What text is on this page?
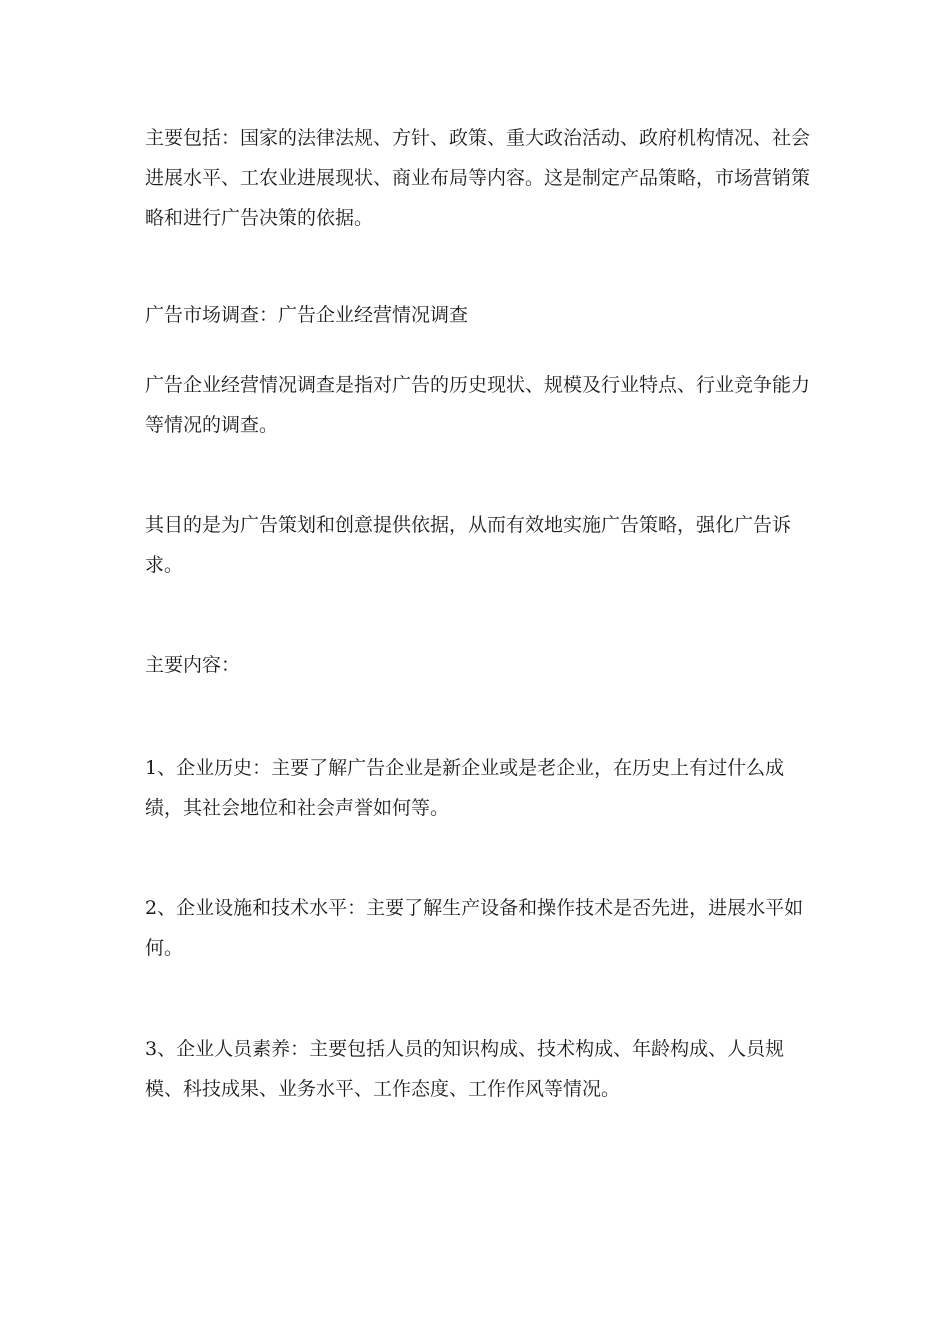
主要包括：国家的法律法规、方针、政策、重大政治活动、政府机构情况、社会进展水平、工农业进展现状、商业布局等内容。这是制定产品策略，市场营销策略和进行广告决策的依据。

广告市场调查：广告企业经营情况调查

广告企业经营情况调查是指对广告的历史现状、规模及行业特点、行业竞争能力等情况的调查。

其目的是为广告策划和创意提供依据，从而有效地实施广告策略，强化广告诉求。

主要内容：

1、企业历史：主要了解广告企业是新企业或是老企业，在历史上有过什么成绩，其社会地位和社会声誉如何等。

2、企业设施和技术水平：主要了解生产设备和操作技术是否先进，进展水平如何。

3、企业人员素养：主要包括人员的知识构成、技术构成、年龄构成、人员规模、科技成果、业务水平、工作态度、工作作风等情况。
